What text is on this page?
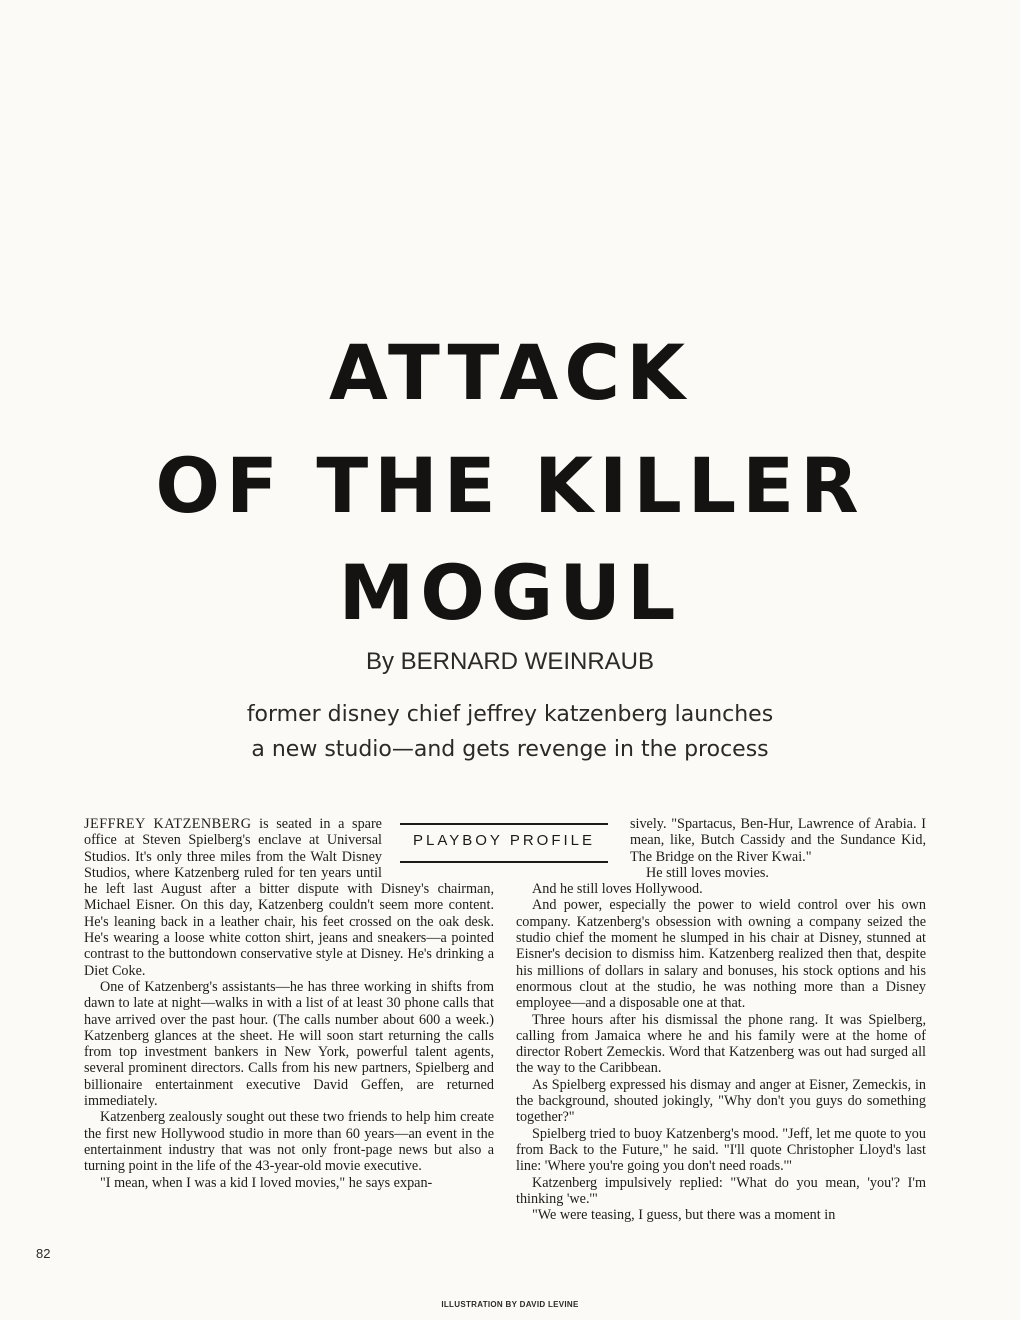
ATTACK
OF THE KILLER
MOGUL
By BERNARD WEINRAUB
former disney chief jeffrey katzenberg launches
a new studio—and gets revenge in the process
PLAYBOY PROFILE

JEFFREY KATZENBERG is seated in a spare office at Steven Spielberg's enclave at Universal Studios. It's only three miles from the Walt Disney Studios, where Katzenberg ruled for ten years until he left last August after a bitter dispute with Disney's chairman, Michael Eisner. On this day, Katzenberg couldn't seem more content. He's leaning back in a leather chair, his feet crossed on the oak desk. He's wearing a loose white cotton shirt, jeans and sneakers—a pointed contrast to the buttondown conservative style at Disney. He's drinking a Diet Coke.

One of Katzenberg's assistants—he has three working in shifts from dawn to late at night—walks in with a list of at least 30 phone calls that have arrived over the past hour. (The calls number about 600 a week.) Katzenberg glances at the sheet. He will soon start returning the calls from top investment bankers in New York, powerful talent agents, several prominent directors. Calls from his new partners, Spielberg and billionaire entertainment executive David Geffen, are returned immediately.

Katzenberg zealously sought out these two friends to help him create the first new Hollywood studio in more than 60 years—an event in the entertainment industry that was not only front-page news but also a turning point in the life of the 43-year-old movie executive.

"I mean, when I was a kid I loved movies," he says expan-

sively. "Spartacus, Ben-Hur, Lawrence of Arabia. I mean, like, Butch Cassidy and the Sundance Kid, The Bridge on the River Kwai."

He still loves movies.

And he still loves Hollywood.

And power, especially the power to wield control over his own company. Katzenberg's obsession with owning a company seized the studio chief the moment he slumped in his chair at Disney, stunned at Eisner's decision to dismiss him. Katzenberg realized then that, despite his millions of dollars in salary and bonuses, his stock options and his enormous clout at the studio, he was nothing more than a Disney employee—and a disposable one at that.

Three hours after his dismissal the phone rang. It was Spielberg, calling from Jamaica where he and his family were at the home of director Robert Zemeckis. Word that Katzenberg was out had surged all the way to the Caribbean.

As Spielberg expressed his dismay and anger at Eisner, Zemeckis, in the background, shouted jokingly, "Why don't you guys do something together?"

Spielberg tried to buoy Katzenberg's mood. "Jeff, let me quote to you from Back to the Future," he said. "I'll quote Christopher Lloyd's last line: 'Where you're going you don't need roads.'"

Katzenberg impulsively replied: "What do you mean, 'you'? I'm thinking 'we.'"

"We were teasing, I guess, but there was a moment in

82
ILLUSTRATION BY DAVID LEVINE
